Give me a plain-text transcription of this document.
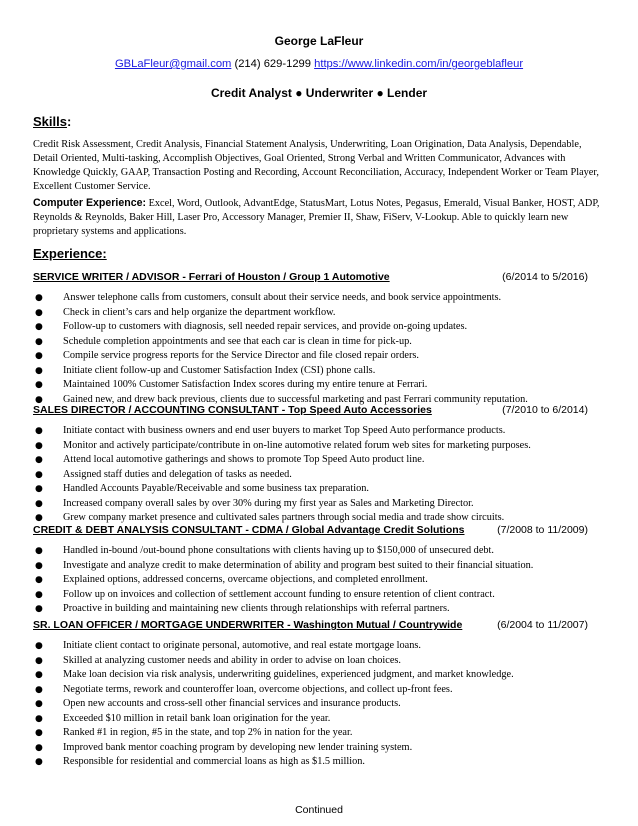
George LaFleur
GBLaFleur@gmail.com (214) 629-1299 https://www.linkedin.com/in/georgeblafleur
Credit Analyst ● Underwriter ● Lender
Skills:
Credit Risk Assessment, Credit Analysis, Financial Statement Analysis, Underwriting, Loan Origination, Data Analysis, Dependable, Detail Oriented, Multi-tasking, Accomplish Objectives, Goal Oriented, Strong Verbal and Written Communicator, Advances with Knowledge Quickly, GAAP, Transaction Posting and Recording, Account Reconciliation, Accuracy, Independent Worker or Team Player, Excellent Customer Service.
Computer Experience: Excel, Word, Outlook, AdvantEdge, StatusMart, Lotus Notes, Pegasus, Emerald, Visual Banker, HOST, ADP, Reynolds & Reynolds, Baker Hill, Laser Pro, Accessory Manager, Premier II, Shaw, FiServ, V-Lookup. Able to quickly learn new proprietary systems and applications.
Experience:
SERVICE WRITER / ADVISOR - Ferrari of Houston / Group 1 Automotive	(6/2014 to 5/2016)
● Answer telephone calls from customers, consult about their service needs, and book service appointments.
● Check in client’s cars and help organize the department workflow.
● Follow-up to customers with diagnosis, sell needed repair services, and provide on-going updates.
● Schedule completion appointments and see that each car is clean in time for pick-up.
● Compile service progress reports for the Service Director and file closed repair orders.
● Initiate client follow-up and Customer Satisfaction Index (CSI) phone calls.
● Maintained 100% Customer Satisfaction Index scores during my entire tenure at Ferrari.
● Gained new, and drew back previous, clients due to successful marketing and past Ferrari community reputation.
SALES DIRECTOR / ACCOUNTING CONSULTANT - Top Speed Auto Accessories	(7/2010 to 6/2014)
● Initiate contact with business owners and end user buyers to market Top Speed Auto performance products.
● Monitor and actively participate/contribute in on-line automotive related forum web sites for marketing purposes.
● Attend local automotive gatherings and shows to promote Top Speed Auto product line.
● Assigned staff duties and delegation of tasks as needed.
● Handled Accounts Payable/Receivable and some business tax preparation.
● Increased company overall sales by over 30% during my first year as Sales and Marketing Director.
● Grew company market presence and cultivated sales partners through social media and trade show circuits.
CREDIT & DEBT ANALYSIS CONSULTANT - CDMA / Global Advantage Credit Solutions	(7/2008 to 11/2009)
● Handled in-bound /out-bound phone consultations with clients having up to $150,000 of unsecured debt.
● Investigate and analyze credit to make determination of ability and program best suited to their financial situation.
● Explained options, addressed concerns, overcame objections, and completed enrollment.
● Follow up on invoices and collection of settlement account funding to ensure retention of client contract.
● Proactive in building and maintaining new clients through relationships with referral partners.
SR. LOAN OFFICER / MORTGAGE UNDERWRITER - Washington Mutual / Countrywide	(6/2004 to 11/2007)
● Initiate client contact to originate personal, automotive, and real estate mortgage loans.
● Skilled at analyzing customer needs and ability in order to advise on loan choices.
● Make loan decision via risk analysis, underwriting guidelines, experienced judgment, and market knowledge.
● Negotiate terms, rework and counteroffer loan, overcome objections, and collect up-front fees.
● Open new accounts and cross-sell other financial services and insurance products.
● Exceeded $10 million in retail bank loan origination for the year.
● Ranked #1 in region, #5 in the state, and top 2% in nation for the year.
● Improved bank mentor coaching program by developing new lender training system.
● Responsible for residential and commercial loans as high as $1.5 million.
Continued
